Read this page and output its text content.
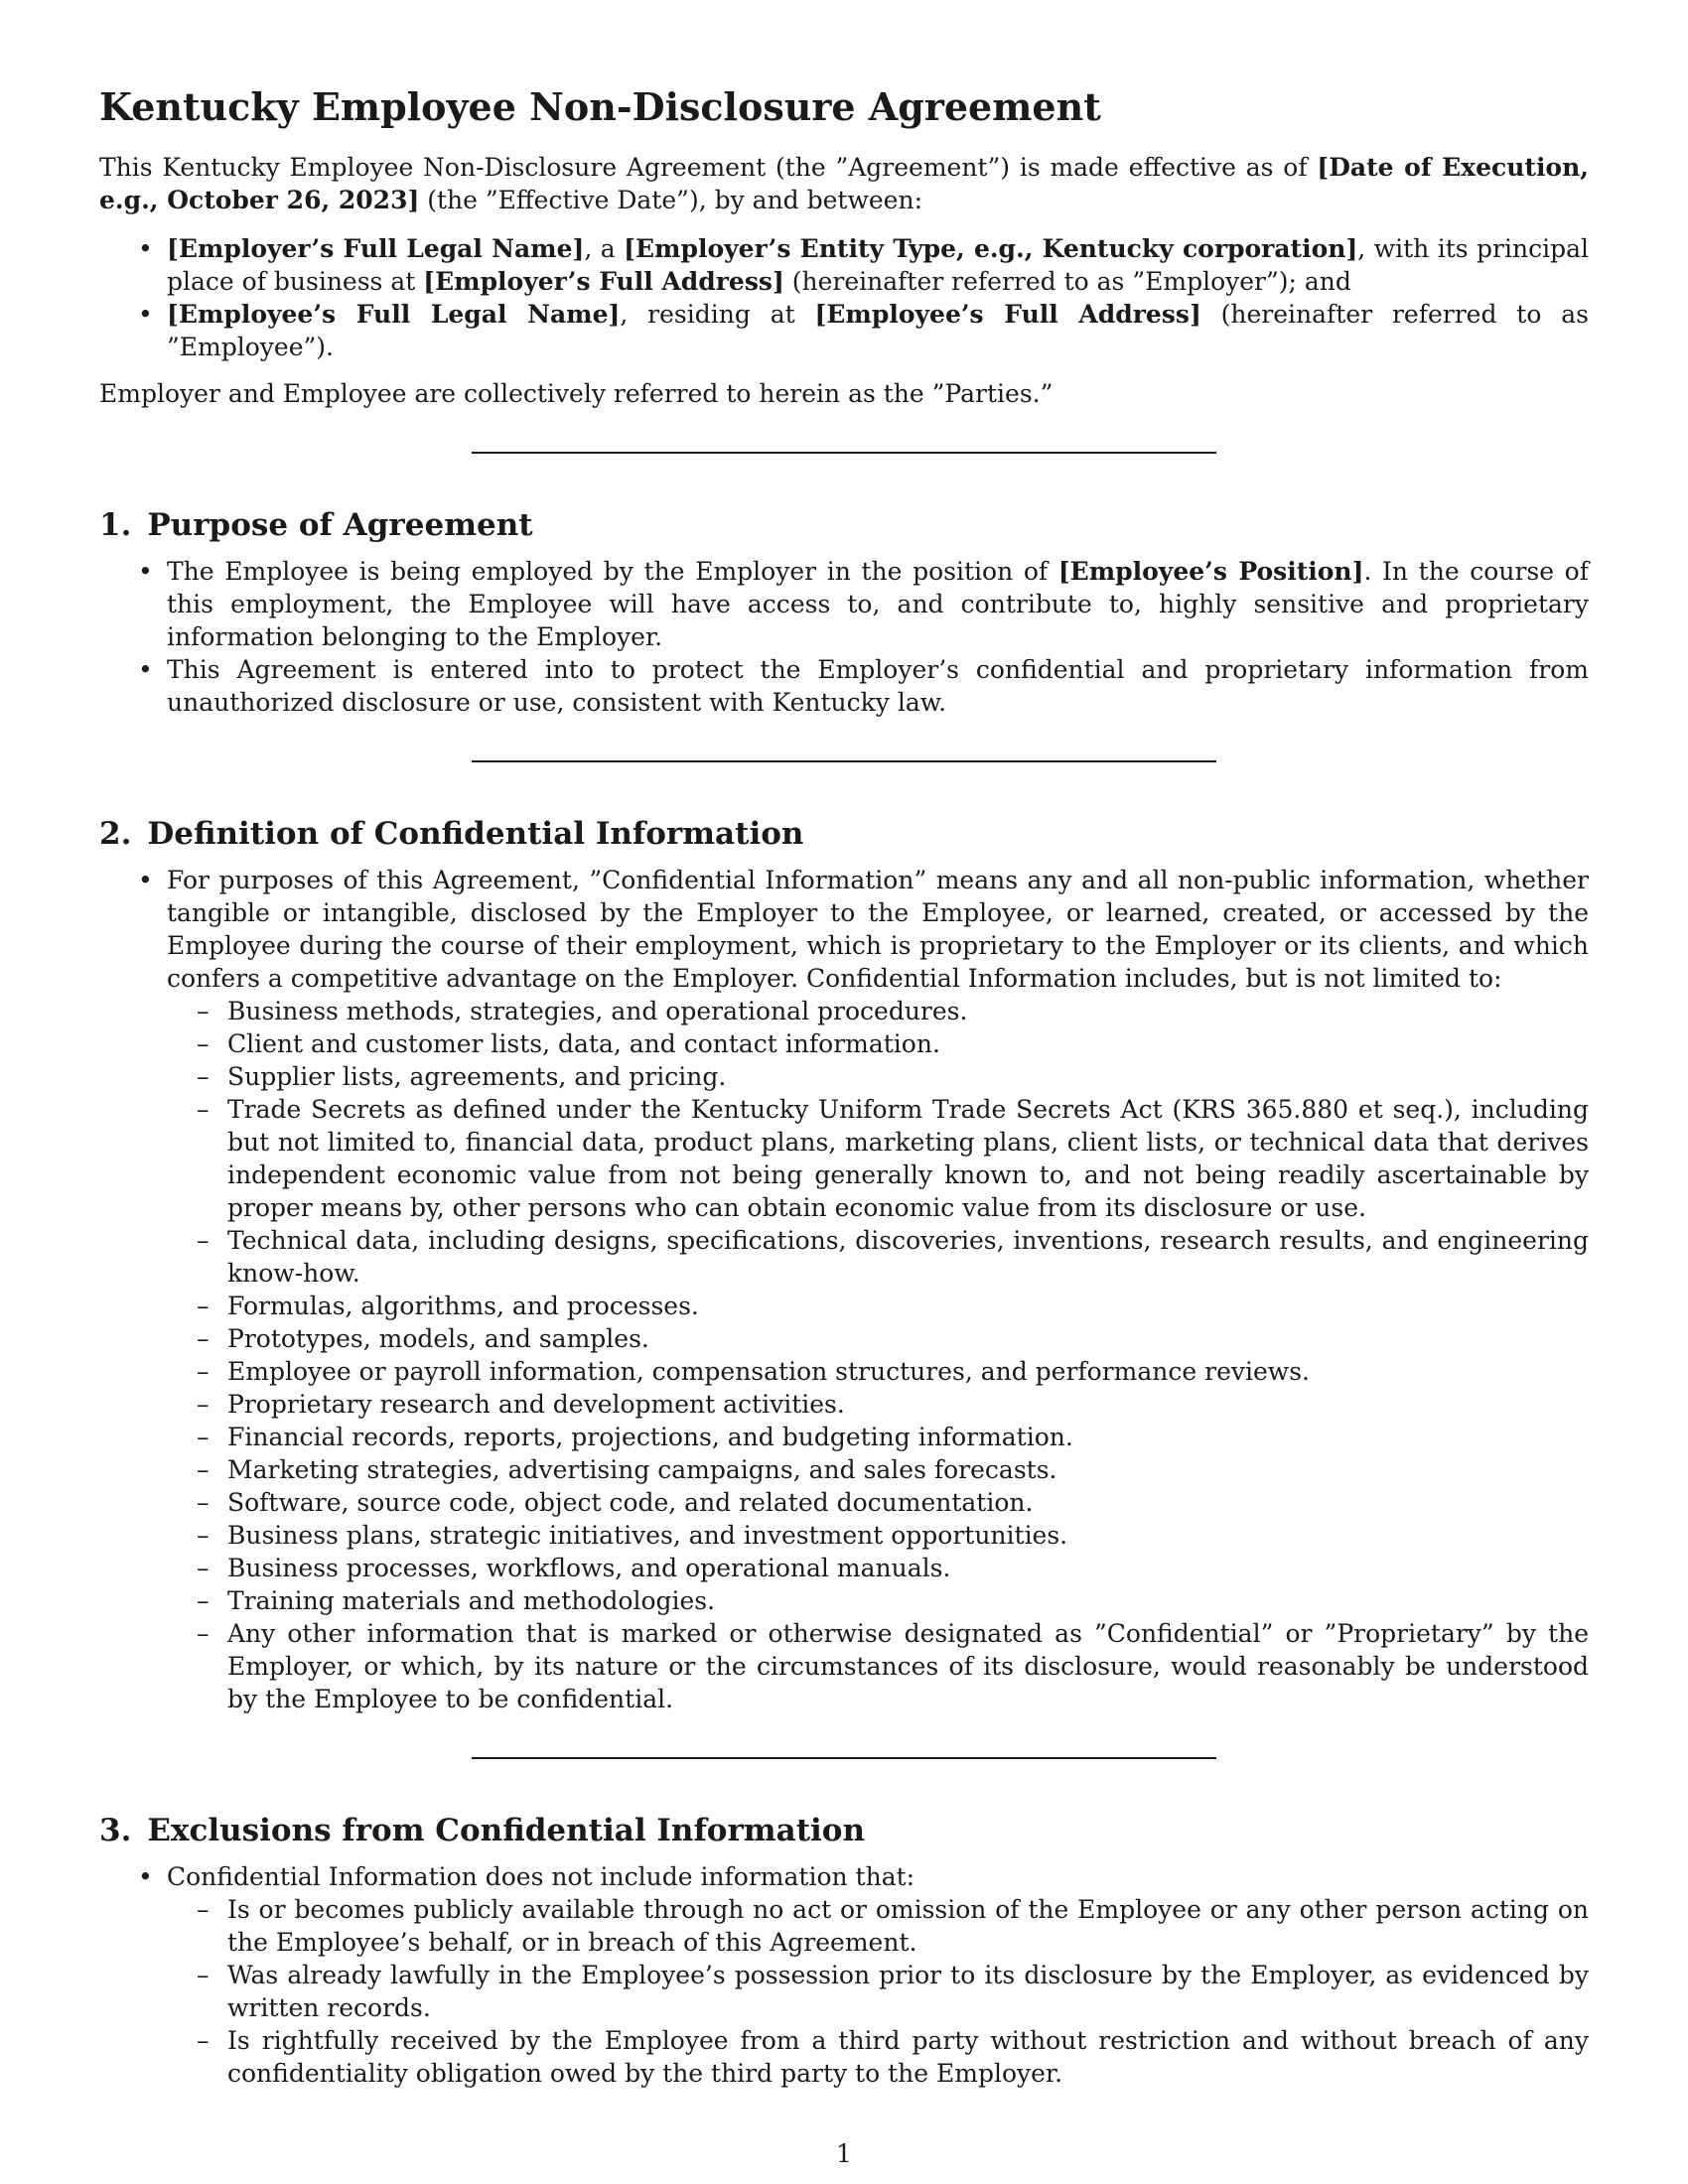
Kentucky Employee Non-Disclosure Agreement

This Kentucky Employee Non-Disclosure Agreement (the ”Agreement”) is made effective as of [Date of Execution, e.g., October 26, 2023] (the ”Effective Date”), by and between:

• [Employer’s Full Legal Name], a [Employer’s Entity Type, e.g., Kentucky corporation], with its principal place of business at [Employer’s Full Address] (hereinafter referred to as ”Employer”); and
• [Employee’s Full Legal Name], residing at [Employee’s Full Address] (hereinafter referred to as ”Employee”).

Employer and Employee are collectively referred to herein as the ”Parties.”

1. Purpose of Agreement
• The Employee is being employed by the Employer in the position of [Employee’s Position]. In the course of this employment, the Employee will have access to, and contribute to, highly sensitive and proprietary information belonging to the Employer.
• This Agreement is entered into to protect the Employer’s confidential and proprietary information from unauthorized disclosure or use, consistent with Kentucky law.
2. Definition of Confidential Information
• For purposes of this Agreement, ”Confidential Information” means any and all non-public information, whether tangible or intangible, disclosed by the Employer to the Employee, or learned, created, or accessed by the Employee during the course of their employment, which is proprietary to the Employer or its clients, and which confers a competitive advantage on the Employer. Confidential Information includes, but is not limited to:
– Business methods, strategies, and operational procedures.
– Client and customer lists, data, and contact information.
– Supplier lists, agreements, and pricing.
– Trade Secrets as defined under the Kentucky Uniform Trade Secrets Act (KRS 365.880 et seq.), including but not limited to, financial data, product plans, marketing plans, client lists, or technical data that derives independent economic value from not being generally known to, and not being readily ascertainable by proper means by, other persons who can obtain economic value from its disclosure or use.
– Technical data, including designs, specifications, discoveries, inventions, research results, and engineering know-how.
– Formulas, algorithms, and processes.
– Prototypes, models, and samples.
– Employee or payroll information, compensation structures, and performance reviews.
– Proprietary research and development activities.
– Financial records, reports, projections, and budgeting information.
– Marketing strategies, advertising campaigns, and sales forecasts.
– Software, source code, object code, and related documentation.
– Business plans, strategic initiatives, and investment opportunities.
– Business processes, workflows, and operational manuals.
– Training materials and methodologies.
– Any other information that is marked or otherwise designated as ”Confidential” or ”Proprietary” by the Employer, or which, by its nature or the circumstances of its disclosure, would reasonably be understood by the Employee to be confidential.
3. Exclusions from Confidential Information
• Confidential Information does not include information that:
– Is or becomes publicly available through no act or omission of the Employee or any other person acting on the Employee’s behalf, or in breach of this Agreement.
– Was already lawfully in the Employee’s possession prior to its disclosure by the Employer, as evidenced by written records.
– Is rightfully received by the Employee from a third party without restriction and without breach of any confidentiality obligation owed by the third party to the Employer.
1
